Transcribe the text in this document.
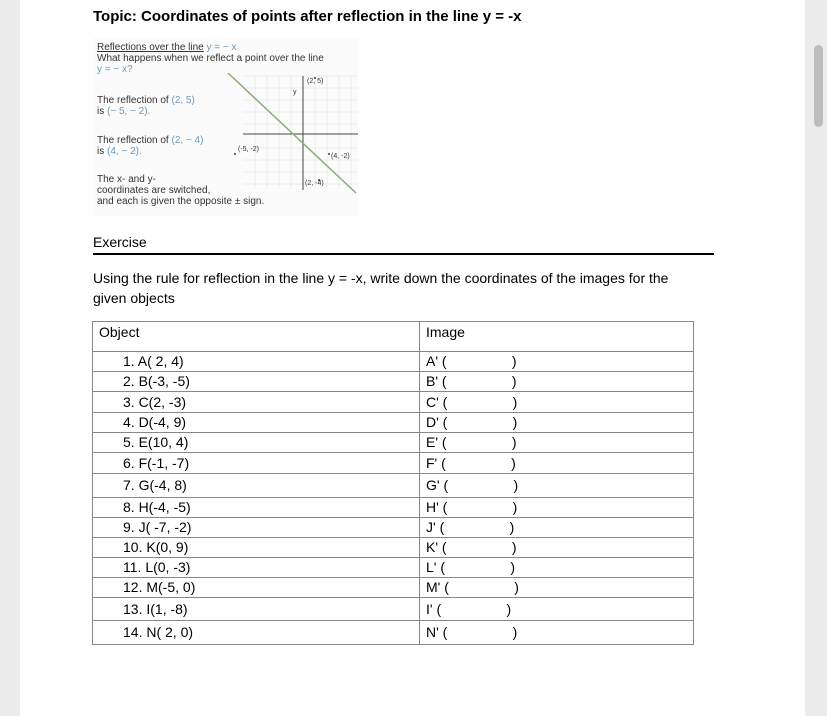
Topic: Coordinates of points after reflection in the line y = -x
(2, 5)
(-5, -2)
(4, -2)
(2, -4)
y
Reflections over the line y = − x
What happens when we reflect a point over the line
y = − x?
The reflection of (2, 5)
is (− 5, − 2).
The reflection of (2, − 4)
is (4, − 2).
The x- and y-
coordinates are switched,
and each is given the opposite ± sign.
Exercise
Using the rule for reflection in the line y = -x, write down the coordinates of the images for the given objects
Object	Image
1. A( 2, 4)	A' ( )
2. B(-3, -5)	B' ( )
3. C(2, -3)	C' ( )
4. D(-4, 9)	D' ( )
5. E(10, 4)	E' ( )
6. F(-1, -7)	F' ( )
7. G(-4, 8)	G' ( )
8. H(-4, -5)	H' ( )
9. J( -7, -2)	J' ( )
10. K(0, 9)	K' ( )
11. L(0, -3)	L' ( )
12. M(-5, 0)	M' ( )
13. I(1, -8)	I' ( )
14. N( 2, 0)	N' ( )
